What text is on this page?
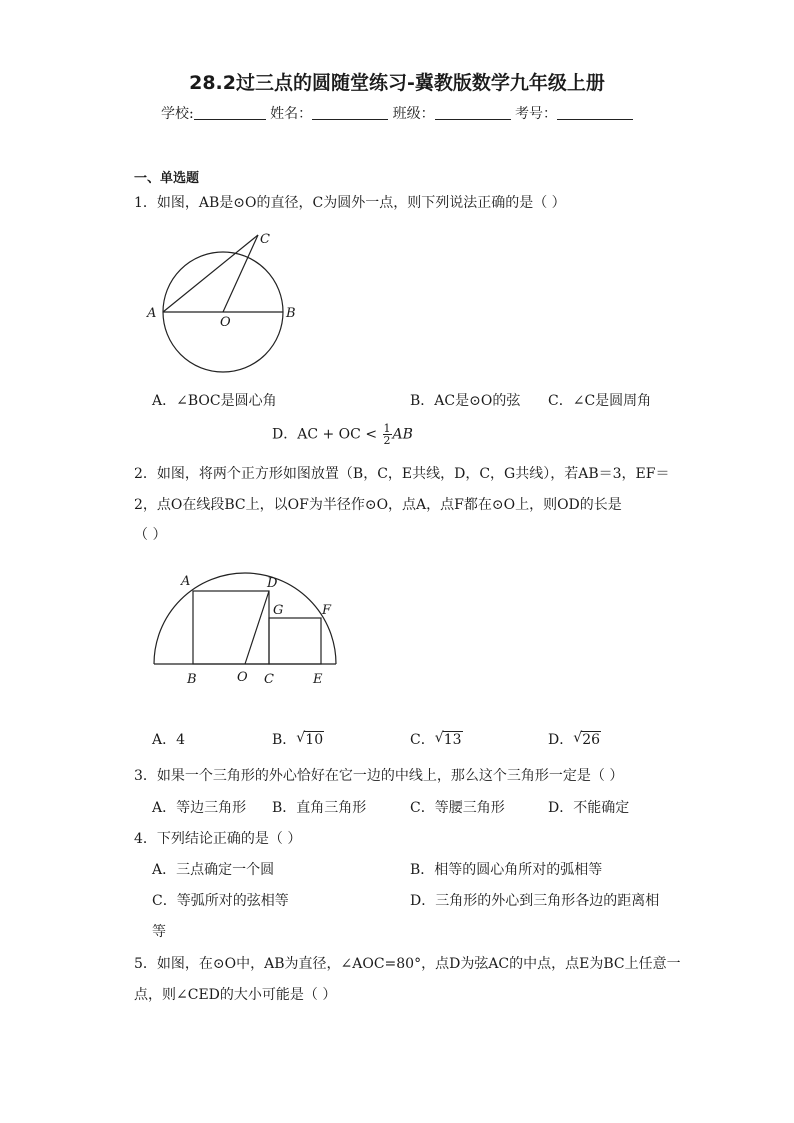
28.2过三点的圆随堂练习-冀教版数学九年级上册
学校:	姓名：	班级：	考号：
一、单选题
1．如图，AB是⊙O的直径，C为圆外一点，则下列说法正确的是（ ）
A	B
C
O
A．∠BOC是圆心角	B．AC是⊙O的弦 C．∠C是圆周角
D．AC + OC < $\frac{1}{2}$ AB
2．如图，将两个正方形如图放置（B，C，E共线，D，C，G共线），若AB＝3，EF＝
2，点O在线段BC上，以OF为半径作⊙O，点A，点F都在⊙O上，则OD的长是
（ ）
A	D
G	F
B	O C	E
A．4	B． √ 10	C． √ 13	D． √ 26
3．如果一个三角形的外心恰好在它一边的中线上，那么这个三角形一定是（ ）
A．等边三角形 B．直角三角形	C．等腰三角形	D．不能确定
4．下列结论正确的是（ ）
A．三点确定一个圆	B．相等的圆心角所对的弧相等
C．等弧所对的弦相等	D．三角形的外心到三角形各边的距离相
等
5．如图，在⊙O中，AB为直径，∠AOC=80°，点D为弦AC的中点，点E为BC上任意一
点，则∠CED的大小可能是（ ）
